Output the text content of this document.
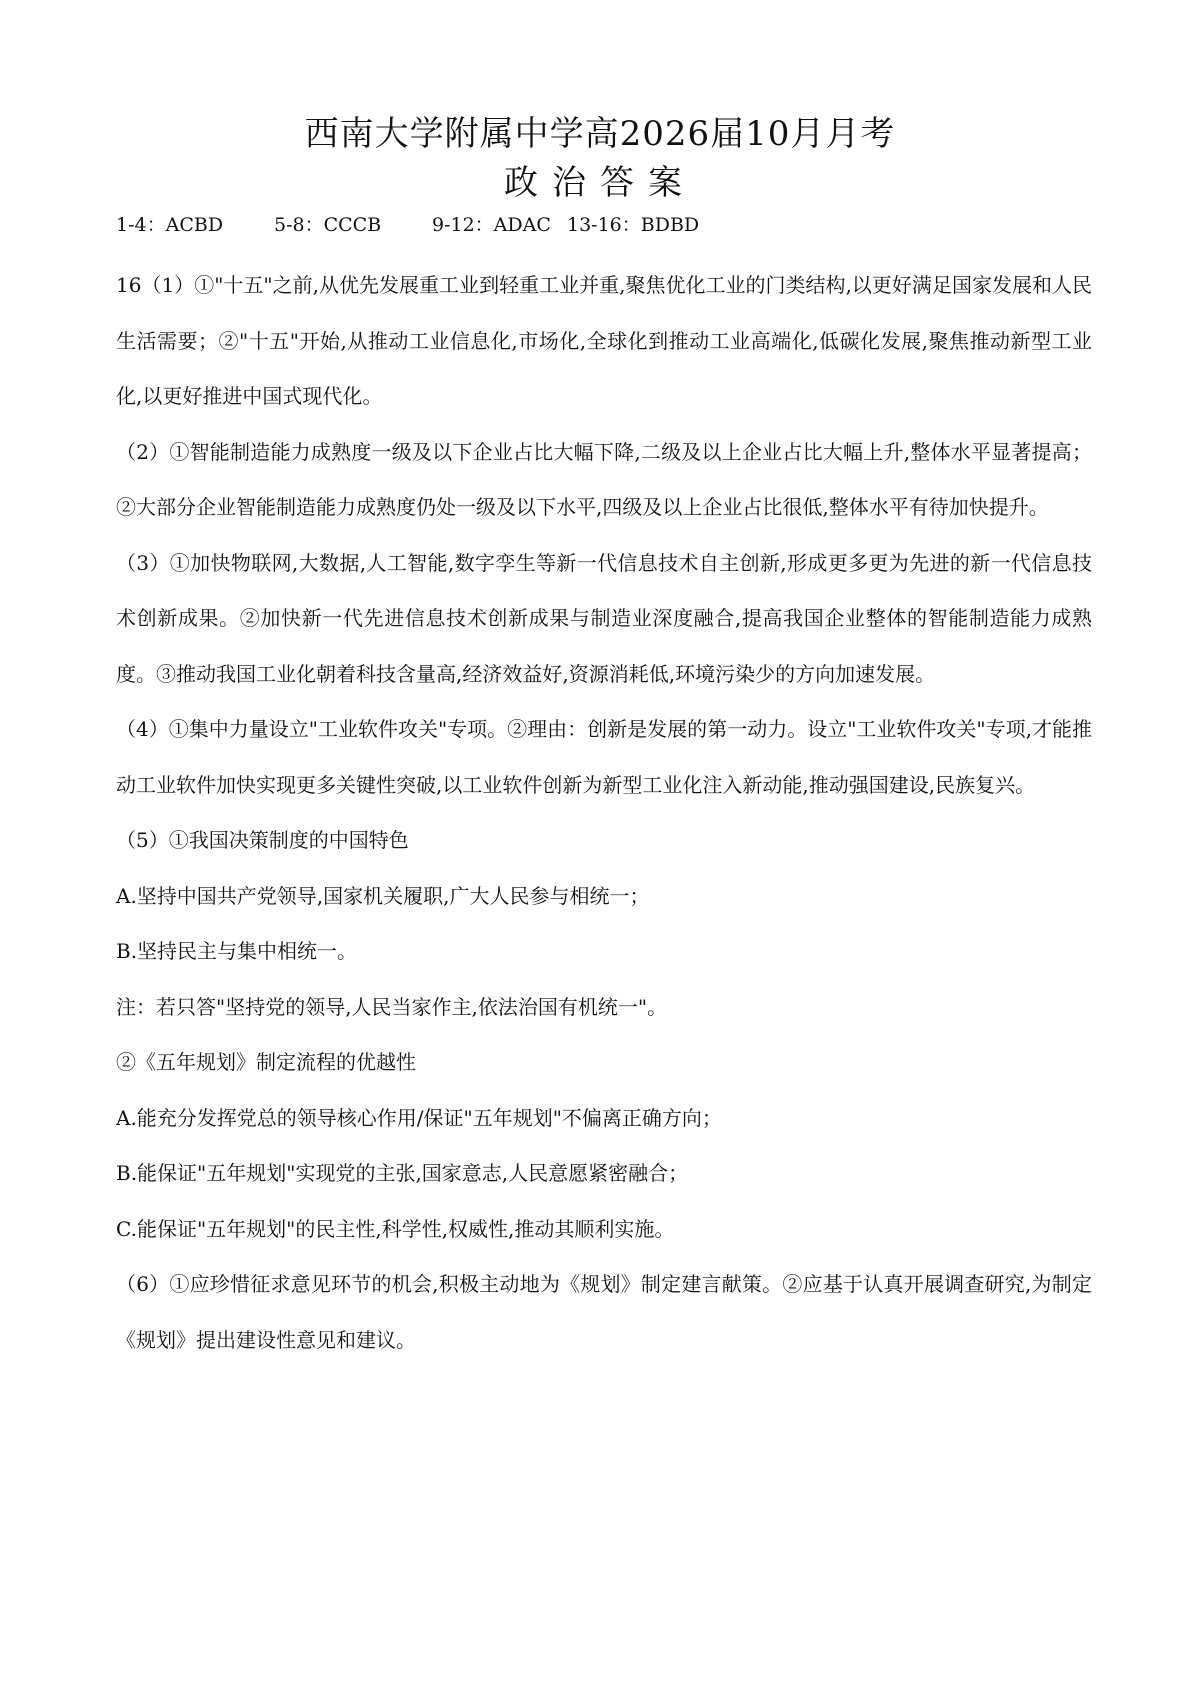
西南大学附属中学高2026届10月月考
政治答案
1-4：ACBD	5-8：CCCB	9-12：ADAC 13-16：BDBD

16（1）①"十五"之前,从优先发展重工业到轻重工业并重,聚焦优化工业的门类结构,以更好满足国家发展和人民生活需要；②"十五"开始,从推动工业信息化,市场化,全球化到推动工业高端化,低碳化发展,聚焦推动新型工业化,以更好推进中国式现代化。

（2）①智能制造能力成熟度一级及以下企业占比大幅下降,二级及以上企业占比大幅上升,整体水平显著提高；②大部分企业智能制造能力成熟度仍处一级及以下水平,四级及以上企业占比很低,整体水平有待加快提升。

（3）①加快物联网,大数据,人工智能,数字孪生等新一代信息技术自主创新,形成更多更为先进的新一代信息技术创新成果。②加快新一代先进信息技术创新成果与制造业深度融合,提高我国企业整体的智能制造能力成熟度。③推动我国工业化朝着科技含量高,经济效益好,资源消耗低,环境污染少的方向加速发展。

（4）①集中力量设立"工业软件攻关"专项。②理由：创新是发展的第一动力。设立"工业软件攻关"专项,才能推动工业软件加快实现更多关键性突破,以工业软件创新为新型工业化注入新动能,推动强国建设,民族复兴。

（5）①我国决策制度的中国特色

A.坚持中国共产党领导,国家机关履职,广大人民参与相统一；

B.坚持民主与集中相统一。

注：若只答"坚持党的领导,人民当家作主,依法治国有机统一"。

②《五年规划》制定流程的优越性

A.能充分发挥党总的领导核心作用/保证"五年规划"不偏离正确方向；

B.能保证"五年规划"实现党的主张,国家意志,人民意愿紧密融合；

C.能保证"五年规划"的民主性,科学性,权威性,推动其顺利实施。

（6）①应珍惜征求意见环节的机会,积极主动地为《规划》制定建言献策。②应基于认真开展调查研究,为制定《规划》提出建设性意见和建议。
